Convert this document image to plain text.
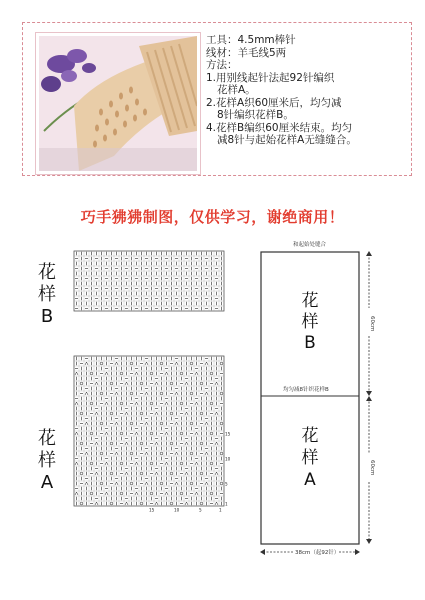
工具：4.5mm棒针
线材：羊毛线5两
方法：
1.用别线起针法起92针编织
花样A。
2.花样A织60厘米后，均匀减
8针编织花样B。
4.花样B编织60厘米结束。均匀
减8针与起始花样A无缝缝合。
巧手狒狒制图，仅供学习，谢绝商用！
花
样
B
花
样
A
15
10
5
1
15	10	5	1
和起始处缝合
均匀减8针织花样B
花
样
B
花
样
A
60cm
60cm
38cm（起92针）
